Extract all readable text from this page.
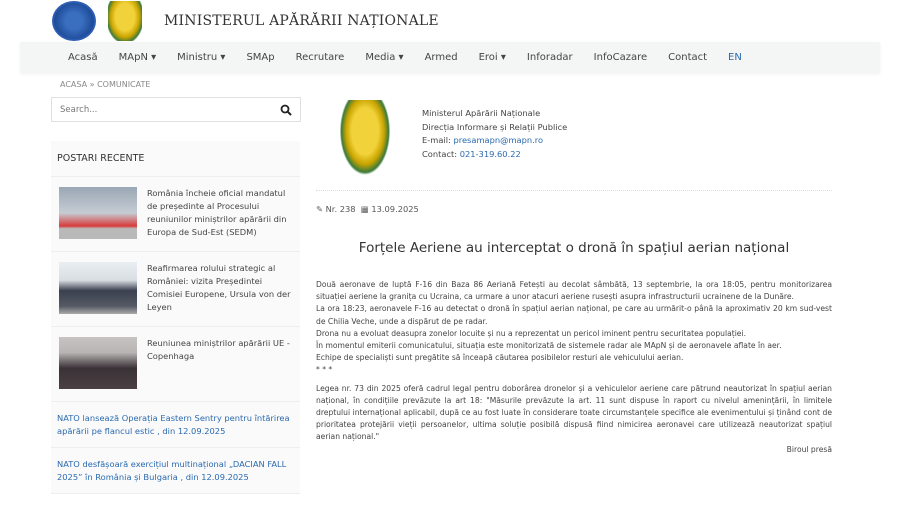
MINISTERUL APĂRĂRII NAȚIONALE
Acasă MApN ▾ Ministru ▾ SMAp Recrutare Media ▾ Armed Eroi ▾ Inforadar InfoCazare Contact EN
ACASA » COMUNICATE
Search...
POSTARI RECENTE
România încheie oficial mandatul de președinte al Procesului reuniunilor miniștrilor apărării din Europa de Sud-Est (SEDM)
Reafirmarea rolului strategic al României: vizita Președintei Comisiei Europene, Ursula von der Leyen
Reuniunea miniștrilor apărării UE - Copenhaga
NATO lansează Operația Eastern Sentry pentru întărirea apărării pe flancul estic , din 12.09.2025
NATO desfășoară exercițiul multinațional „DACIAN FALL 2025” în România și Bulgaria , din 12.09.2025
Ministerul Apărării Naționale
Direcția Informare și Relații Publice
E-mail: presamapn@mapn.ro
Contact: 021-319.60.22
✎ Nr. 238 ▦ 13.09.2025
Forțele Aeriene au interceptat o dronă în spațiul aerian național

Două aeronave de luptă F-16 din Baza 86 Aeriană Fetești au decolat sâmbătă, 13 septembrie, la ora 18:05, pentru monitorizarea situației aeriene la granița cu Ucraina, ca urmare a unor atacuri aeriene rusești asupra infrastructurii ucrainene de la Dunăre.

La ora 18:23, aeronavele F-16 au detectat o dronă în spațiul aerian național, pe care au urmărit-o până la aproximativ 20 km sud-vest de Chilia Veche, unde a dispărut de pe radar.

Drona nu a evoluat deasupra zonelor locuite și nu a reprezentat un pericol iminent pentru securitatea populației.

În momentul emiterii comunicatului, situația este monitorizată de sistemele radar ale MApN și de aeronavele aflate în aer.

Echipe de specialiști sunt pregătite să înceapă căutarea posibilelor resturi ale vehiculului aerian.

* * *

Legea nr. 73 din 2025 oferă cadrul legal pentru doborârea dronelor și a vehiculelor aeriene care pătrund neautorizat în spațiul aerian național, în condițiile prevăzute la art 18: "Măsurile prevăzute la art. 11 sunt dispuse în raport cu nivelul amenințării, în limitele dreptului internațional aplicabil, după ce au fost luate în considerare toate circumstanțele specifice ale evenimentului și ținând cont de prioritatea protejării vieții persoanelor, ultima soluție posibilă dispusă fiind nimicirea aeronavei care utilizează neautorizat spațiul aerian național."

Biroul presă
